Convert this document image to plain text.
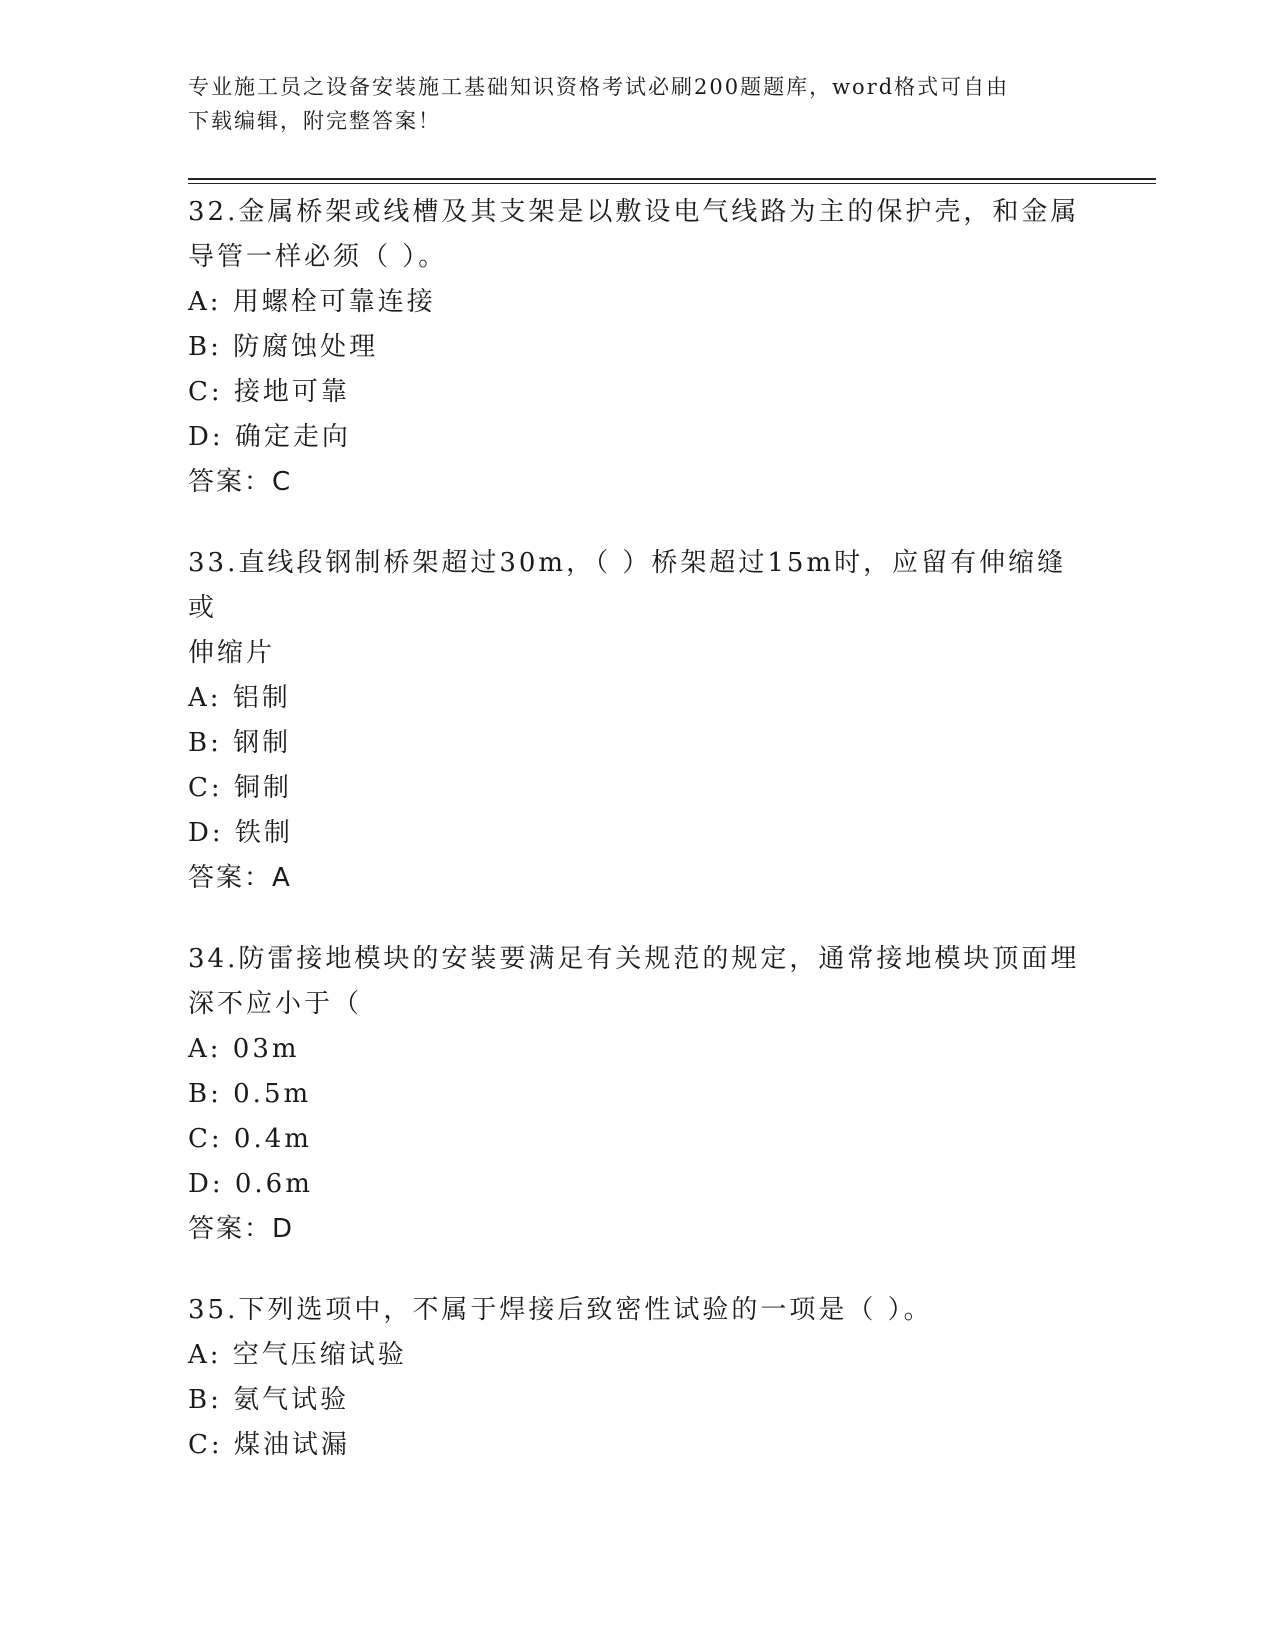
专业施工员之设备安装施工基础知识资格考试必刷200题题库，word格式可自由
下载编辑，附完整答案！
32.金属桥架或线槽及其支架是以敷设电气线路为主的保护壳，和金属
导管一样必须（ ）。
A: 用螺栓可靠连接
B: 防腐蚀处理
C: 接地可靠
D: 确定走向
答案：C
33.直线段钢制桥架超过30m，（ ）桥架超过15m时，应留有伸缩缝或
伸缩片
A: 铝制
B: 钢制
C: 铜制
D: 铁制
答案：A
34.防雷接地模块的安装要满足有关规范的规定，通常接地模块顶面埋
深不应小于（
A: 03m
B: 0.5m
C: 0.4m
D: 0.6m
答案：D
35.下列选项中，不属于焊接后致密性试验的一项是（ ）。
A: 空气压缩试验
B: 氨气试验
C: 煤油试漏
